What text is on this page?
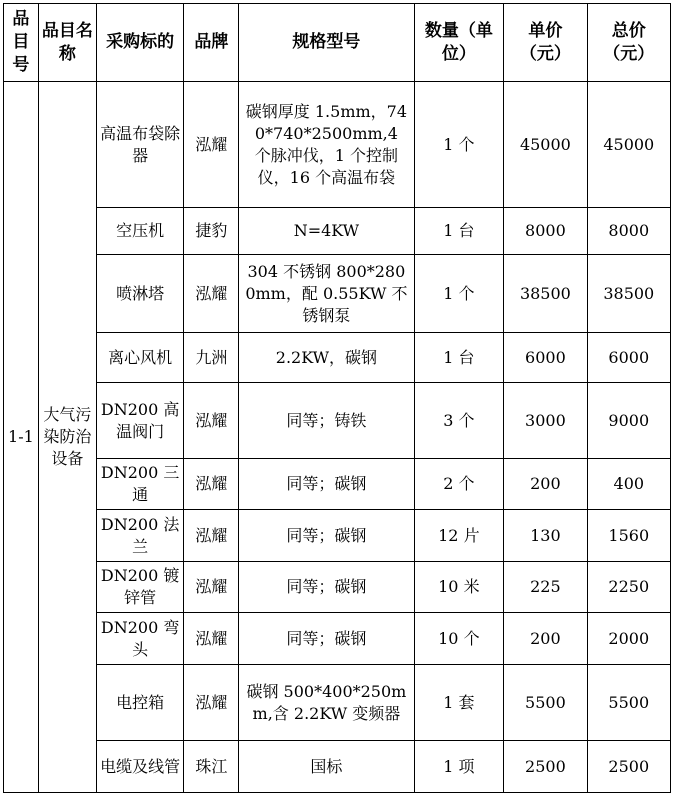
品目号	品目名称	采购标的	品牌	规格型号	数量（单位）	单价（元）	总价（元）
1-1	大气污染防治设备	高温布袋除器	泓耀	碳钢厚度 1.5mm，740*740*2500mm,4 个脉冲伐，1 个控制仪，16 个高温布袋	1 个	45000	45000
		空压机	捷豹	N=4KW	1 台	8000	8000
		喷淋塔	泓耀	304 不锈钢 800*2800mm，配 0.55KW 不锈钢泵	1 个	38500	38500
		离心风机	九洲	2.2KW，碳钢	1 台	6000	6000
		DN200 高温阀门	泓耀	同等；铸铁	3 个	3000	9000
		DN200 三通	泓耀	同等；碳钢	2 个	200	400
		DN200 法兰	泓耀	同等；碳钢	12 片	130	1560
		DN200 镀锌管	泓耀	同等；碳钢	10 米	225	2250
		DN200 弯头	泓耀	同等；碳钢	10 个	200	2000
		电控箱	泓耀	碳钢 500*400*250mm,含 2.2KW 变频器	1 套	5500	5500
		电缆及线管	珠江	国标	1 项	2500	2500
